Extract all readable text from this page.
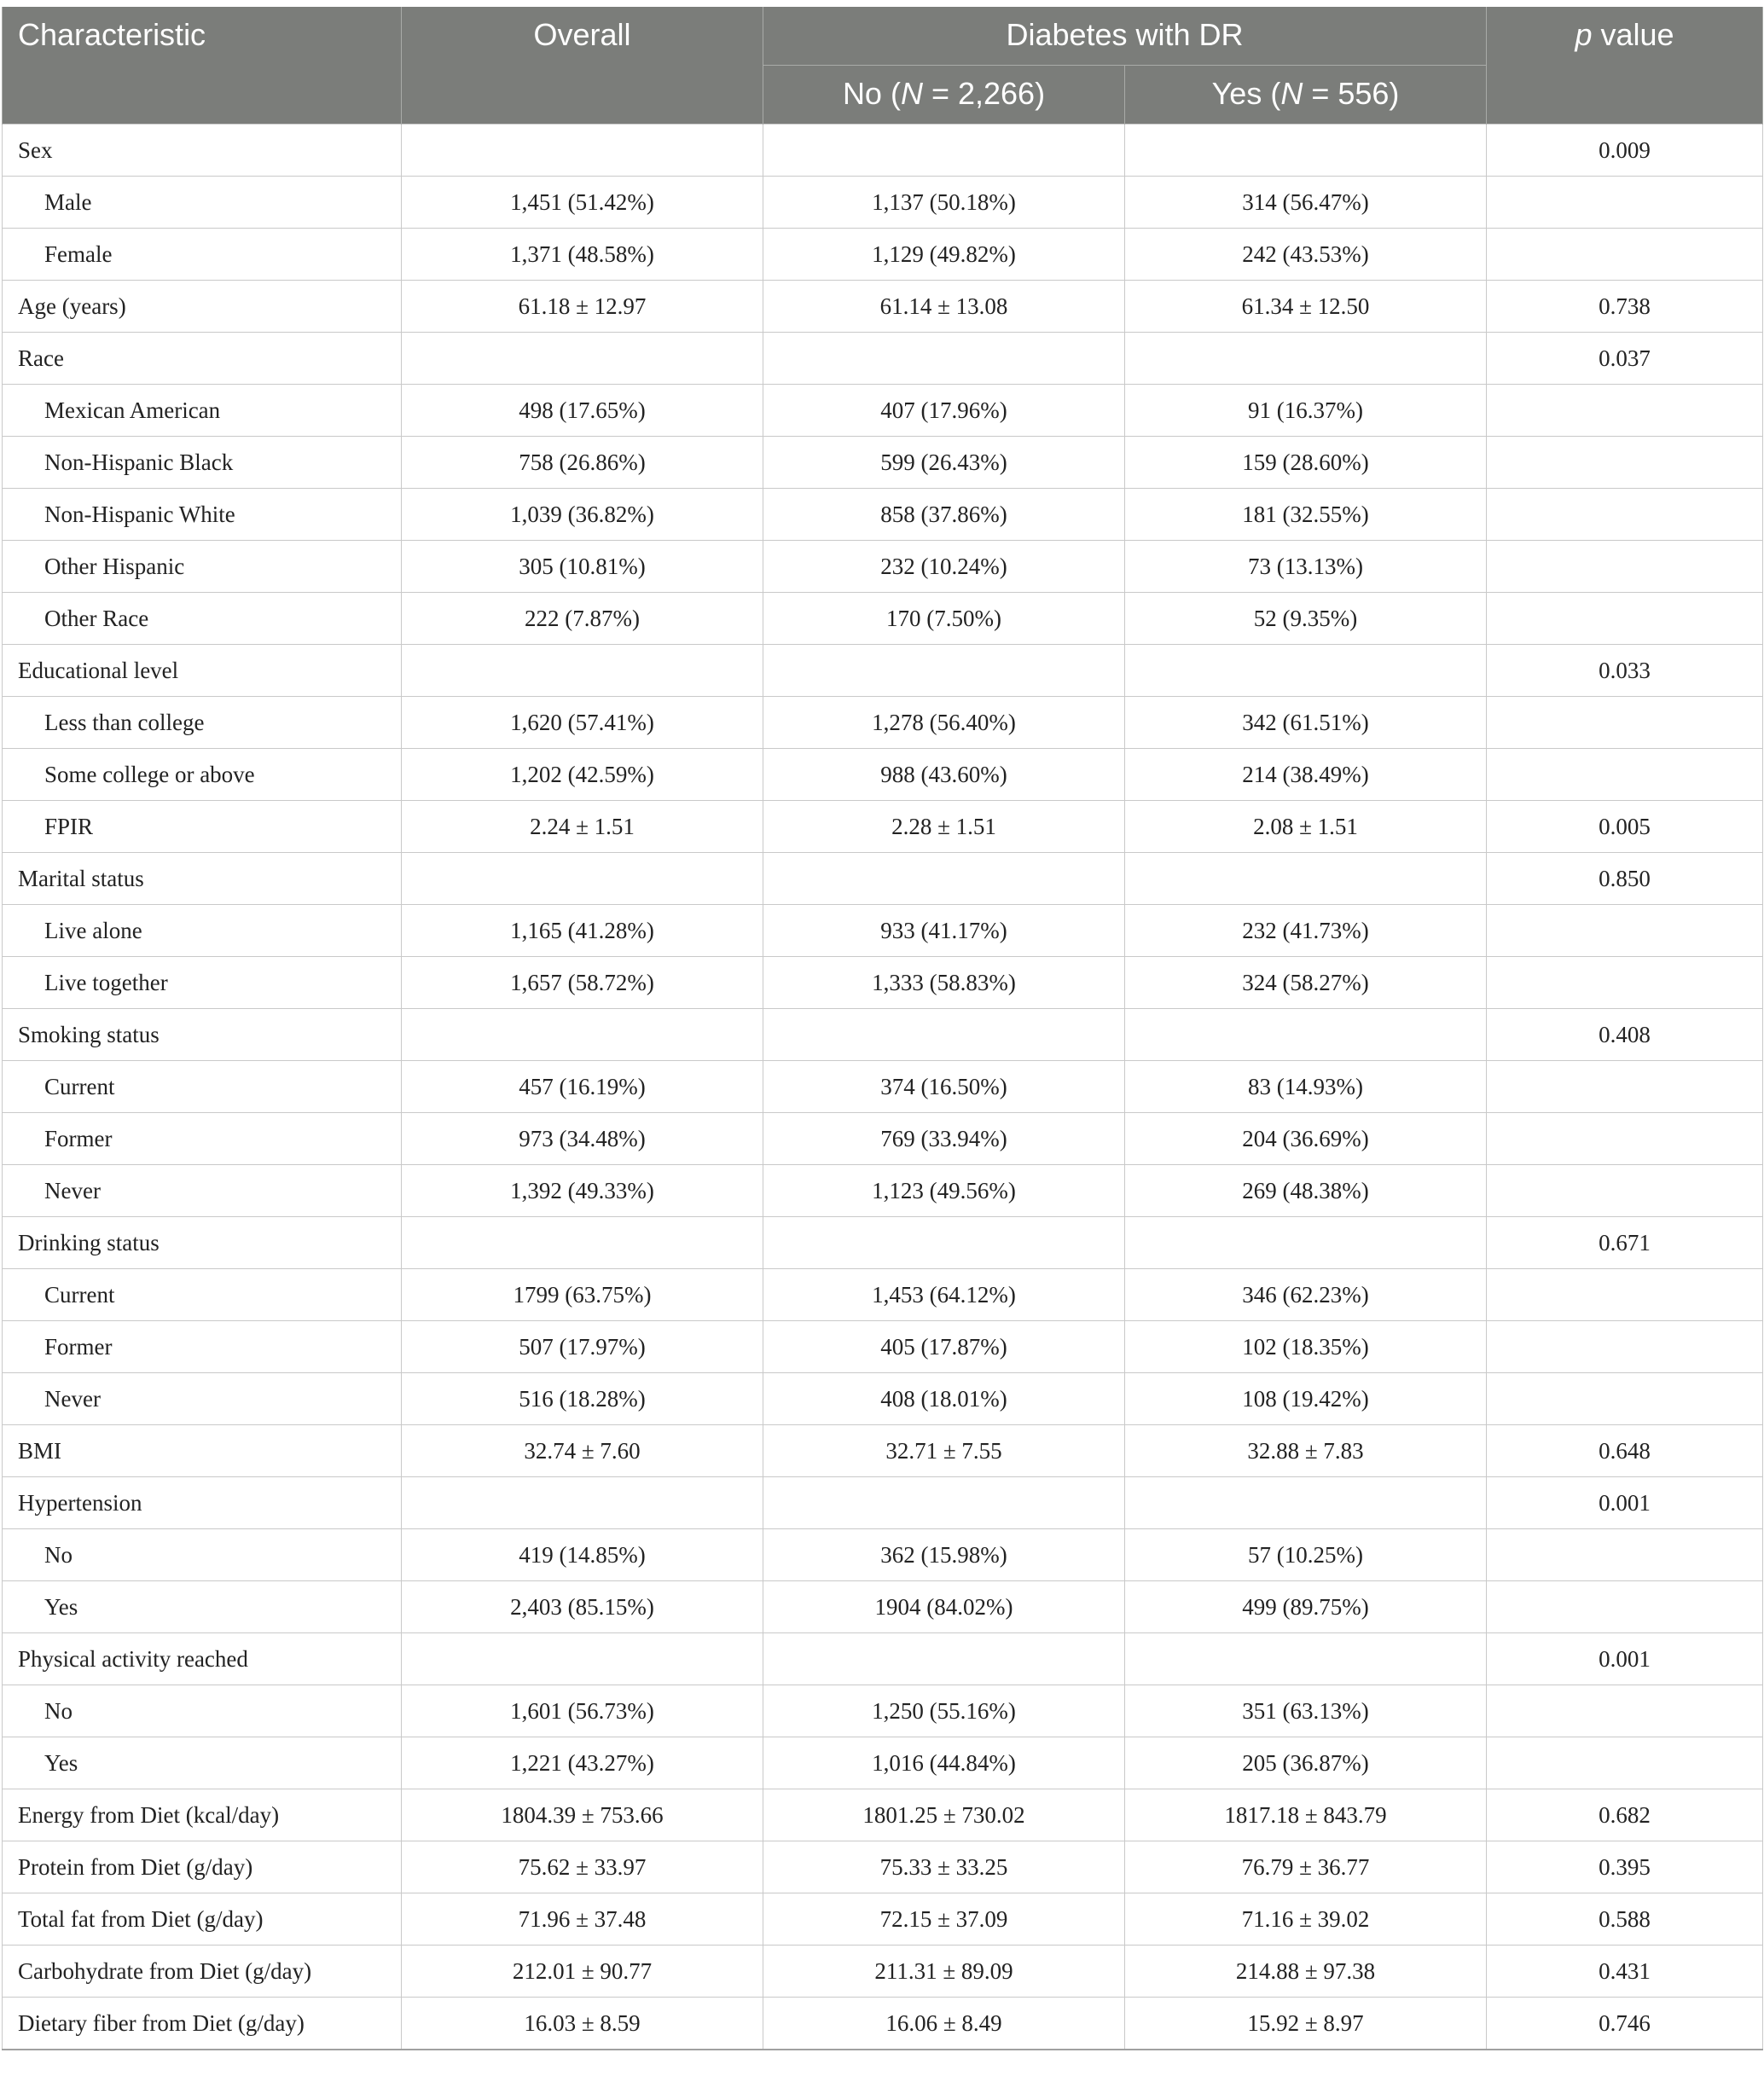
Characteristic	Overall	Diabetes with DR		p value
		No (N = 2,266)	Yes (N = 556)	
Sex				0.009
Male	1,451 (51.42%)	1,137 (50.18%)	314 (56.47%)	
Female	1,371 (48.58%)	1,129 (49.82%)	242 (43.53%)	
Age (years)	61.18 ± 12.97	61.14 ± 13.08	61.34 ± 12.50	0.738
Race				0.037
Mexican American	498 (17.65%)	407 (17.96%)	91 (16.37%)	
Non-Hispanic Black	758 (26.86%)	599 (26.43%)	159 (28.60%)	
Non-Hispanic White	1,039 (36.82%)	858 (37.86%)	181 (32.55%)	
Other Hispanic	305 (10.81%)	232 (10.24%)	73 (13.13%)	
Other Race	222 (7.87%)	170 (7.50%)	52 (9.35%)	
Educational level				0.033
Less than college	1,620 (57.41%)	1,278 (56.40%)	342 (61.51%)	
Some college or above	1,202 (42.59%)	988 (43.60%)	214 (38.49%)	
FPIR	2.24 ± 1.51	2.28 ± 1.51	2.08 ± 1.51	0.005
Marital status				0.850
Live alone	1,165 (41.28%)	933 (41.17%)	232 (41.73%)	
Live together	1,657 (58.72%)	1,333 (58.83%)	324 (58.27%)	
Smoking status				0.408
Current	457 (16.19%)	374 (16.50%)	83 (14.93%)	
Former	973 (34.48%)	769 (33.94%)	204 (36.69%)	
Never	1,392 (49.33%)	1,123 (49.56%)	269 (48.38%)	
Drinking status				0.671
Current	1799 (63.75%)	1,453 (64.12%)	346 (62.23%)	
Former	507 (17.97%)	405 (17.87%)	102 (18.35%)	
Never	516 (18.28%)	408 (18.01%)	108 (19.42%)	
BMI	32.74 ± 7.60	32.71 ± 7.55	32.88 ± 7.83	0.648
Hypertension				0.001
No	419 (14.85%)	362 (15.98%)	57 (10.25%)	
Yes	2,403 (85.15%)	1904 (84.02%)	499 (89.75%)	
Physical activity reached				0.001
No	1,601 (56.73%)	1,250 (55.16%)	351 (63.13%)	
Yes	1,221 (43.27%)	1,016 (44.84%)	205 (36.87%)	
Energy from Diet (kcal/day)	1804.39 ± 753.66	1801.25 ± 730.02	1817.18 ± 843.79	0.682
Protein from Diet (g/day)	75.62 ± 33.97	75.33 ± 33.25	76.79 ± 36.77	0.395
Total fat from Diet (g/day)	71.96 ± 37.48	72.15 ± 37.09	71.16 ± 39.02	0.588
Carbohydrate from Diet (g/day)	212.01 ± 90.77	211.31 ± 89.09	214.88 ± 97.38	0.431
Dietary fiber from Diet (g/day)	16.03 ± 8.59	16.06 ± 8.49	15.92 ± 8.97	0.746
